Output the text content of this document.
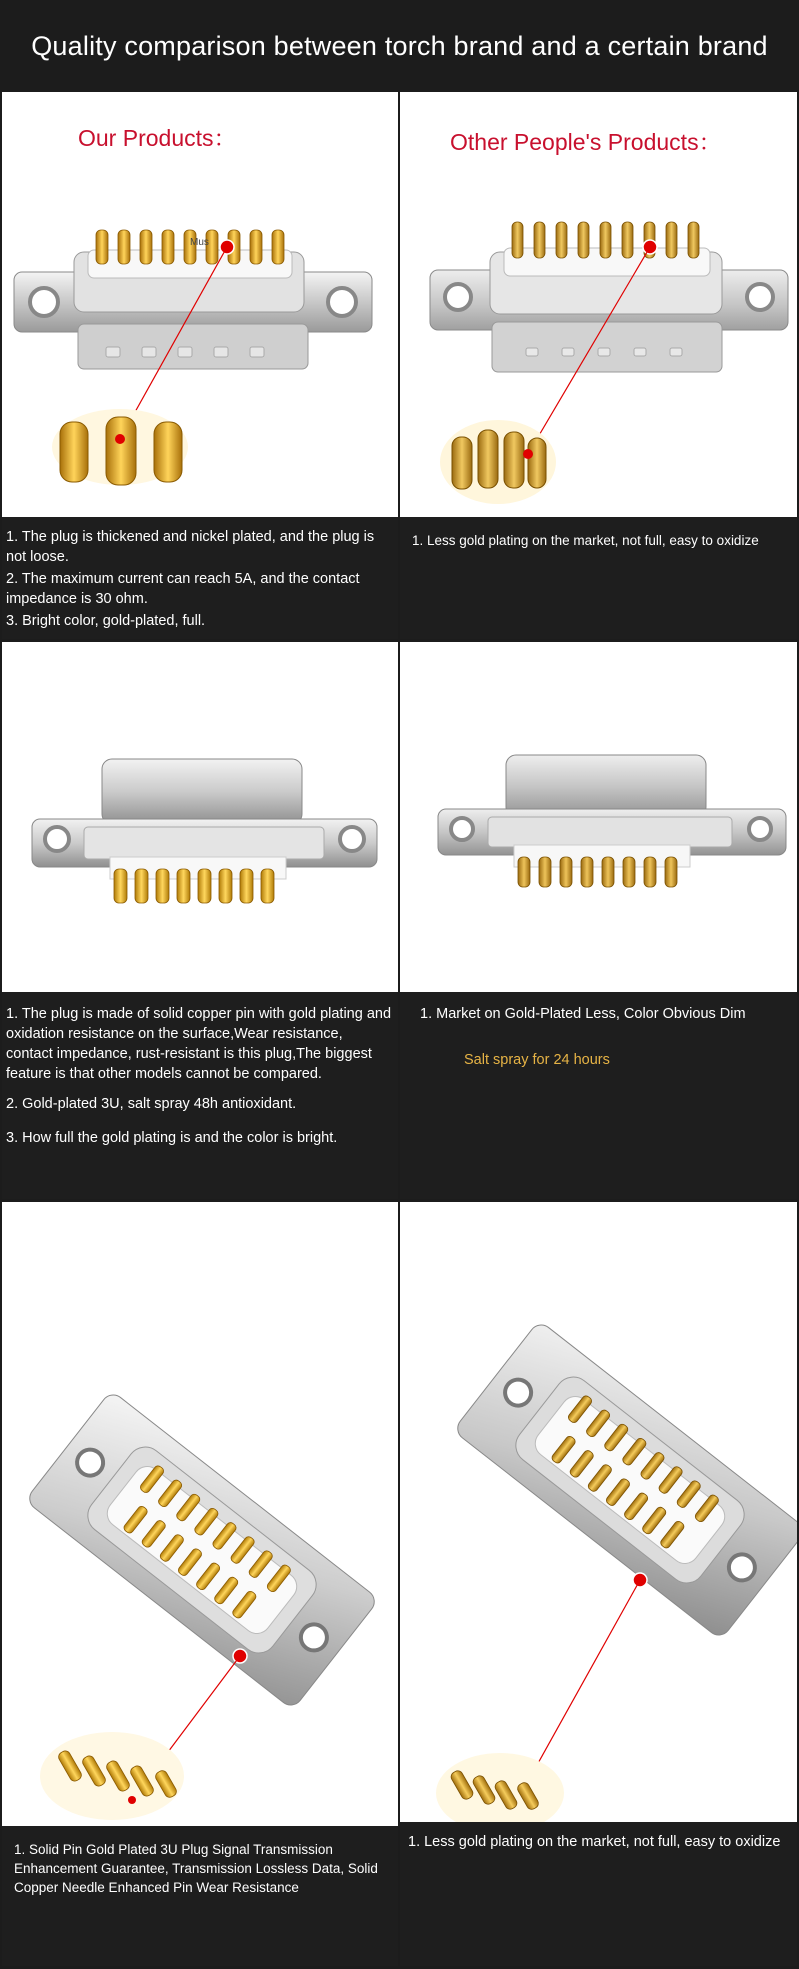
Quality comparison between torch brand and a certain brand
Our Products：
Mus

1. The plug is thickened and nickel plated, and the plug is not loose.

2. The maximum current can reach 5A, and the contact impedance is 30 ohm.

3. Bright color, gold-plated, full.

Other People's Products：

1. Less gold plating on the market, not full, easy to oxidize

1. The plug is made of solid copper pin with gold plating and oxidation resistance on the surface,Wear resistance, contact impedance, rust-resistant is this plug,The biggest feature is that other models cannot be compared.

2. Gold-plated 3U, salt spray 48h antioxidant.

3. How full the gold plating is and the color is bright.

1. Market on Gold-Plated Less, Color Obvious Dim

Salt spray for 24 hours

1. Solid Pin Gold Plated 3U Plug Signal Transmission Enhancement Guarantee, Transmission Lossless Data, Solid Copper Needle Enhanced Pin Wear Resistance

1. Less gold plating on the market, not full, easy to oxidize
